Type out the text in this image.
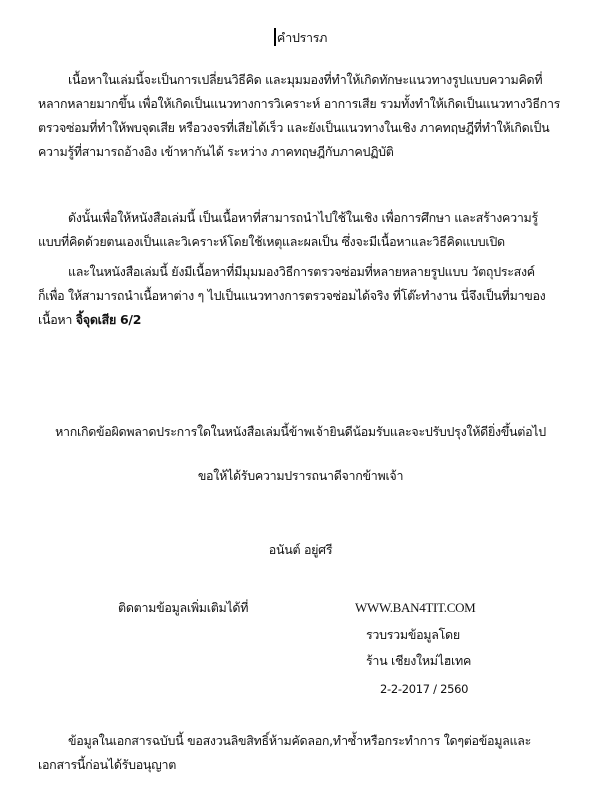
คำปรารภ
เนื้อหาในเล่มนี้จะเป็นการเปลี่ยนวิธีคิด และมุมมองที่ทำให้เกิดทักษะแนวทางรูปแบบความคิดที่
หลากหลายมากขึ้น เพื่อให้เกิดเป็นแนวทางการวิเคราะห์ อาการเสีย รวมทั้งทำให้เกิดเป็นแนวทางวิธีการ
ตรวจซ่อมที่ทำให้พบจุดเสีย หรือวงจรที่เสียได้เร็ว และยังเป็นแนวทางในเชิง ภาคทฤษฎีที่ทำให้เกิดเป็น
ความรู้ที่สามารถอ้างอิง เข้าหากันได้ ระหว่าง ภาคทฤษฎีกับภาคปฏิบัติ
ดังนั้นเพื่อให้หนังสือเล่มนี้ เป็นเนื้อหาที่สามารถนำไปใช้ในเชิง เพื่อการศึกษา และสร้างความรู้
แบบที่คิดด้วยตนเองเป็นและวิเคราะห์โดยใช้เหตุและผลเป็น ซึ่งจะมีเนื้อหาและวิธีคิดแบบเปิด
และในหนังสือเล่มนี้ ยังมีเนื้อหาที่มีมุมมองวิธีการตรวจซ่อมที่หลายหลายรูปแบบ วัตถุประสงค์
ก็เพื่อ ให้สามารถนำเนื้อหาต่าง ๆ ไปเป็นแนวทางการตรวจซ่อมได้จริง ที่โต๊ะทำงาน นี่จึงเป็นที่มาของ
เนื้อหา จิ้จุดเสีย 6/2
หากเกิดข้อผิดพลาดประการใดในหนังสือเล่มนี้ข้าพเจ้ายินดีน้อมรับและจะปรับปรุงให้ดียิ่งขึ้นต่อไป
ขอให้ได้รับความปรารถนาดีจากข้าพเจ้า
อนันต์ อยู่ศรี
ติดตามข้อมูลเพิ่มเติมได้ที่	WWW.BAN4TIT.COM
รวบรวมข้อมูลโดย
ร้าน เชียงใหม่ไฮเทค
2-2-2017 / 2560
ข้อมูลในเอกสารฉบับนี้ ขอสงวนลิขสิทธิ์ห้ามคัดลอก,ทำซ้ำหรือกระทำการ ใดๆต่อข้อมูลและ
เอกสารนี้ก่อนได้รับอนุญาต
